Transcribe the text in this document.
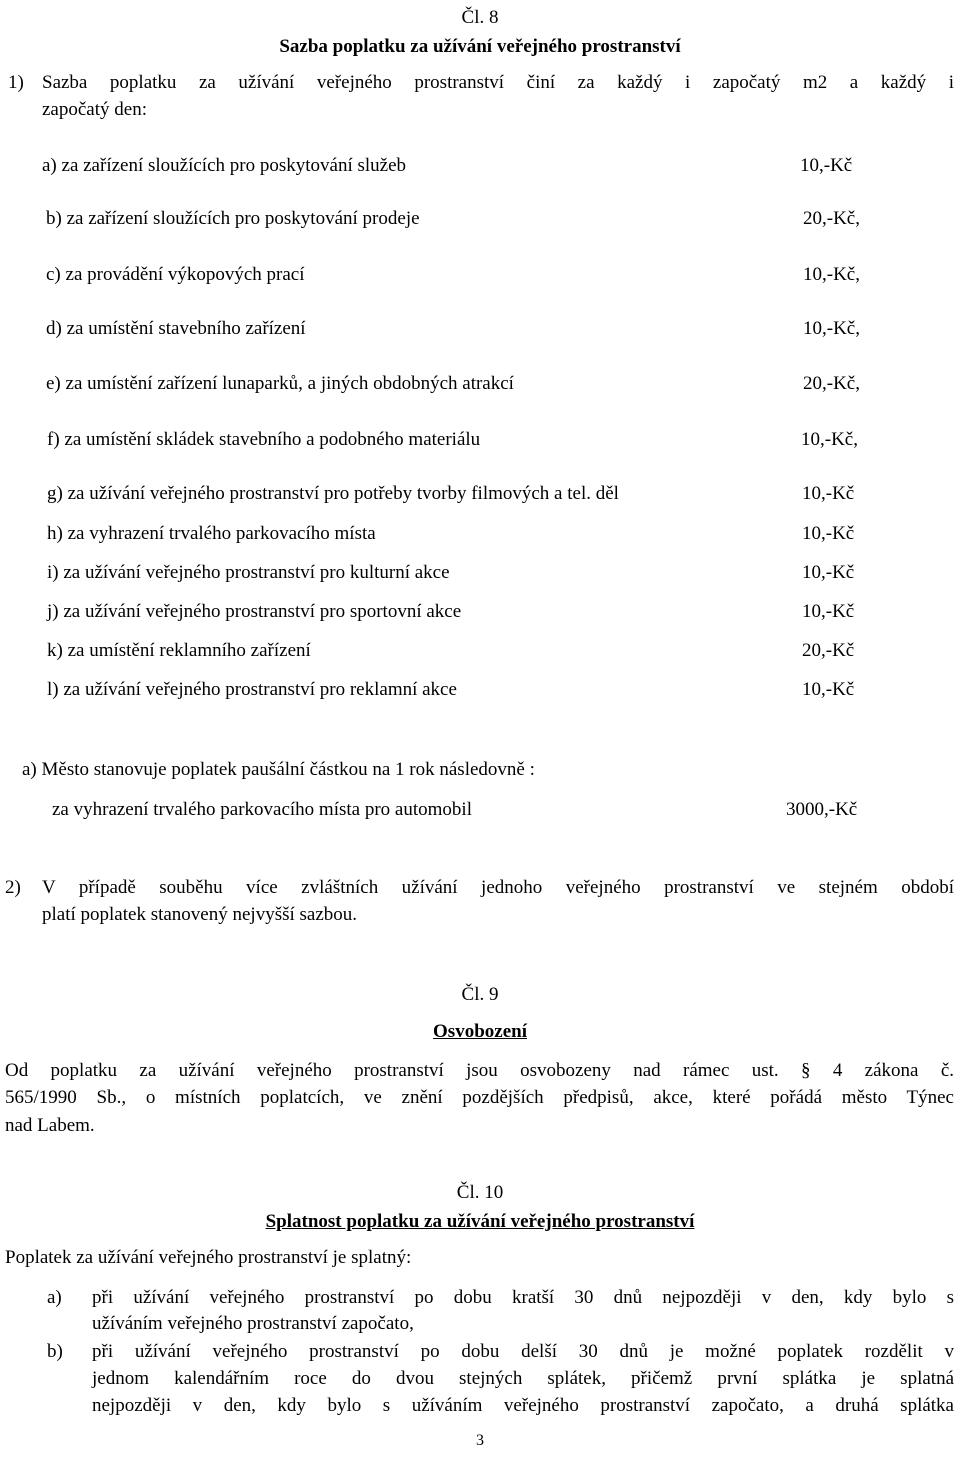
Čl. 8
Sazba poplatku za užívání veřejného prostranství
1) Sazba poplatku za užívání veřejného prostranství činí za každý i započatý m2 a každý i
započatý den:
a) za zařízení sloužících pro poskytování služeb	10,-Kč
b) za zařízení sloužících pro poskytování prodeje	20,-Kč,
c) za provádění výkopových prací	10,-Kč,
d) za umístění stavebního zařízení	10,-Kč,
e) za umístění zařízení lunaparků, a jiných obdobných atrakcí	20,-Kč,
f) za umístění skládek stavebního a podobného materiálu	10,-Kč,
g) za užívání veřejného prostranství pro potřeby tvorby filmových a tel. děl	10,-Kč
h) za vyhrazení trvalého parkovacího místa	10,-Kč
i) za užívání veřejného prostranství pro kulturní akce	10,-Kč
j) za užívání veřejného prostranství pro sportovní akce	10,-Kč
k) za umístění reklamního zařízení	20,-Kč
l) za užívání veřejného prostranství pro reklamní akce	10,-Kč
a) Město stanovuje poplatek paušální částkou na 1 rok následovně :
za vyhrazení trvalého parkovacího místa pro automobil	3000,-Kč
2) V případě souběhu více zvláštních užívání jednoho veřejného prostranství ve stejném období
platí poplatek stanovený nejvyšší sazbou.
Čl. 9
Osvobození
Od poplatku za užívání veřejného prostranství jsou osvobozeny nad rámec ust. § 4 zákona č.
565/1990 Sb., o místních poplatcích, ve znění pozdějších předpisů, akce, které pořádá město Týnec
nad Labem.
Čl. 10
Splatnost poplatku za užívání veřejného prostranství
Poplatek za užívání veřejného prostranství je splatný:
a) při užívání veřejného prostranství po dobu kratší 30 dnů nejpozději v den, kdy bylo s
užíváním veřejného prostranství započato,
b) při užívání veřejného prostranství po dobu delší 30 dnů je možné poplatek rozdělit v
jednom kalendářním roce do dvou stejných splátek, přičemž první splátka je splatná
nejpozději v den, kdy bylo s užíváním veřejného prostranství započato, a druhá splátka
3
